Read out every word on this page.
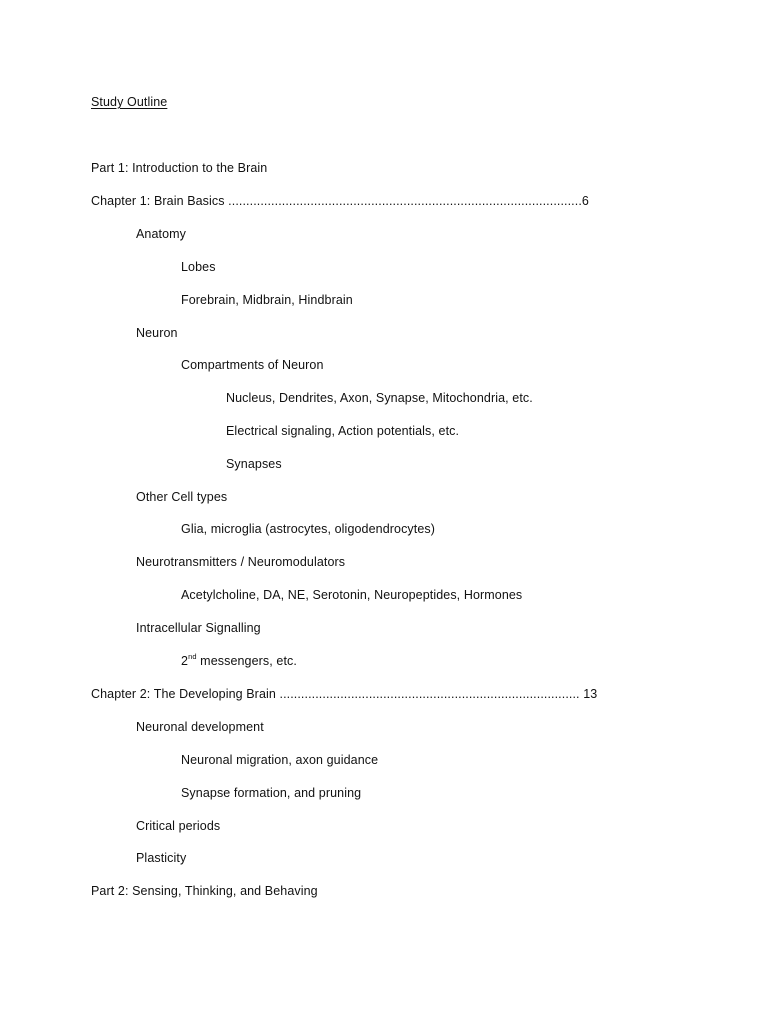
Study Outline
Part 1: Introduction to the Brain
Chapter 1: Brain Basics ...................................................................................................6
Anatomy
Lobes
Forebrain, Midbrain, Hindbrain
Neuron
Compartments of Neuron
Nucleus, Dendrites, Axon, Synapse, Mitochondria, etc.
Electrical signaling, Action potentials, etc.
Synapses
Other Cell types
Glia, microglia (astrocytes, oligodendrocytes)
Neurotransmitters / Neuromodulators
Acetylcholine, DA, NE, Serotonin, Neuropeptides, Hormones
Intracellular Signalling
2nd messengers, etc.
Chapter 2: The Developing Brain .................................................................................... 13
Neuronal development
Neuronal migration, axon guidance
Synapse formation, and pruning
Critical periods
Plasticity
Part 2: Sensing, Thinking, and Behaving
